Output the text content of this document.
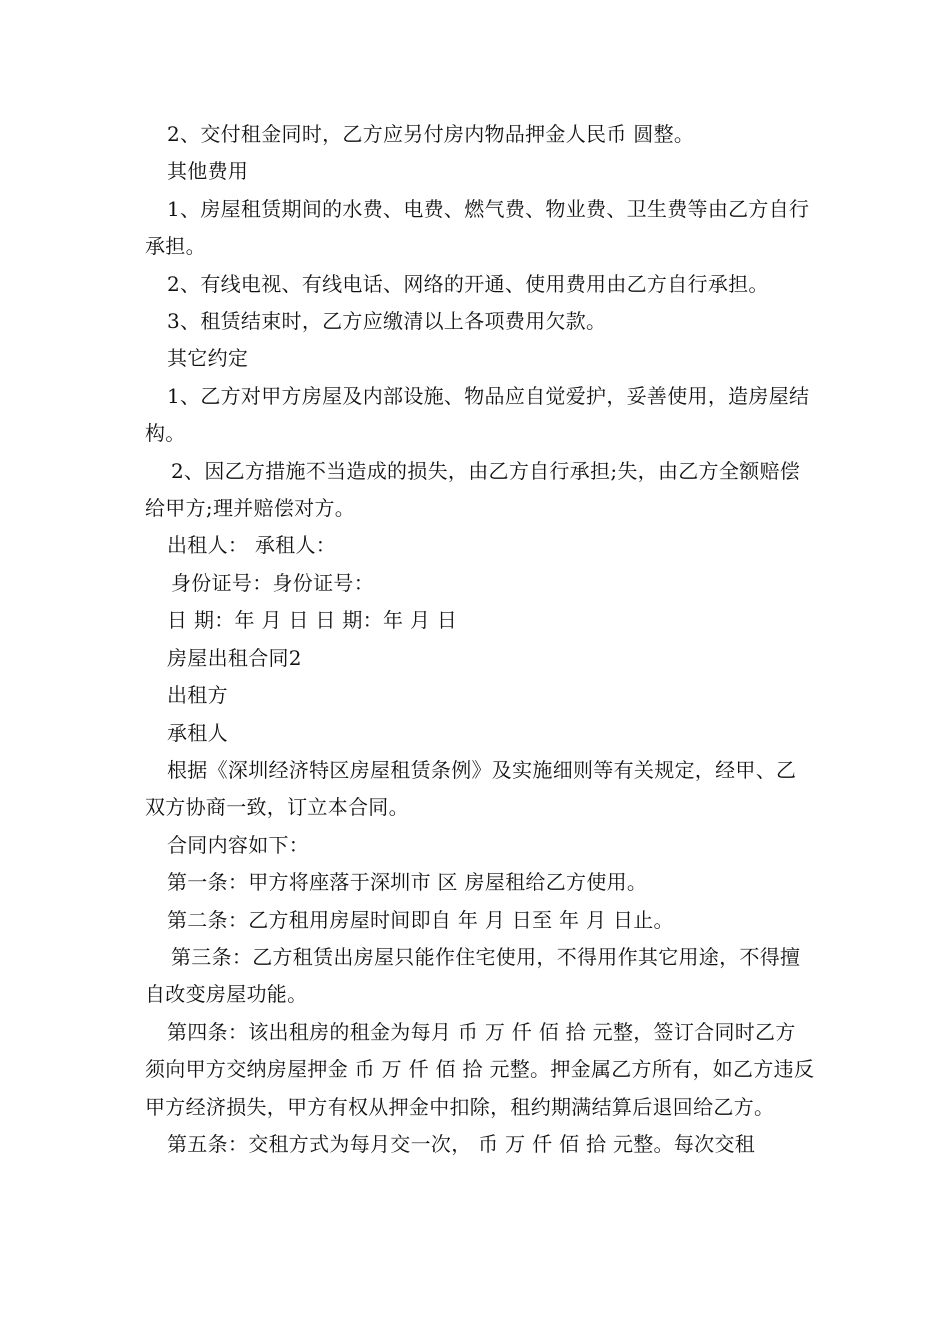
2、交付租金同时，乙方应另付房内物品押金人民币 圆整。

其他费用

1、房屋租赁期间的水费、电费、燃气费、物业费、卫生费等由乙方自行承担。

2、有线电视、有线电话、网络的开通、使用费用由乙方自行承担。

3、租赁结束时，乙方应缴清以上各项费用欠款。

其它约定

1、乙方对甲方房屋及内部设施、物品应自觉爱护，妥善使用，造房屋结构。

2、因乙方措施不当造成的损失，由乙方自行承担;失，由乙方全额赔偿给甲方;理并赔偿对方。

出租人： 承租人：

身份证号：身份证号：

日 期：年 月 日 日 期：年 月 日

房屋出租合同2

出租方

承租人

根据《深圳经济特区房屋租赁条例》及实施细则等有关规定，经甲、乙双方协商一致，订立本合同。

合同内容如下：

第一条：甲方将座落于深圳市 区 房屋租给乙方使用。

第二条：乙方租用房屋时间即自 年 月 日至 年 月 日止。

第三条：乙方租赁出房屋只能作住宅使用，不得用作其它用途，不得擅自改变房屋功能。

第四条：该出租房的租金为每月 币 万 仟 佰 拾 元整，签订合同时乙方须向甲方交纳房屋押金 币 万 仟 佰 拾 元整。押金属乙方所有，如乙方违反甲方经济损失，甲方有权从押金中扣除，租约期满结算后退回给乙方。

第五条：交租方式为每月交一次， 币 万 仟 佰 拾 元整。每次交租
